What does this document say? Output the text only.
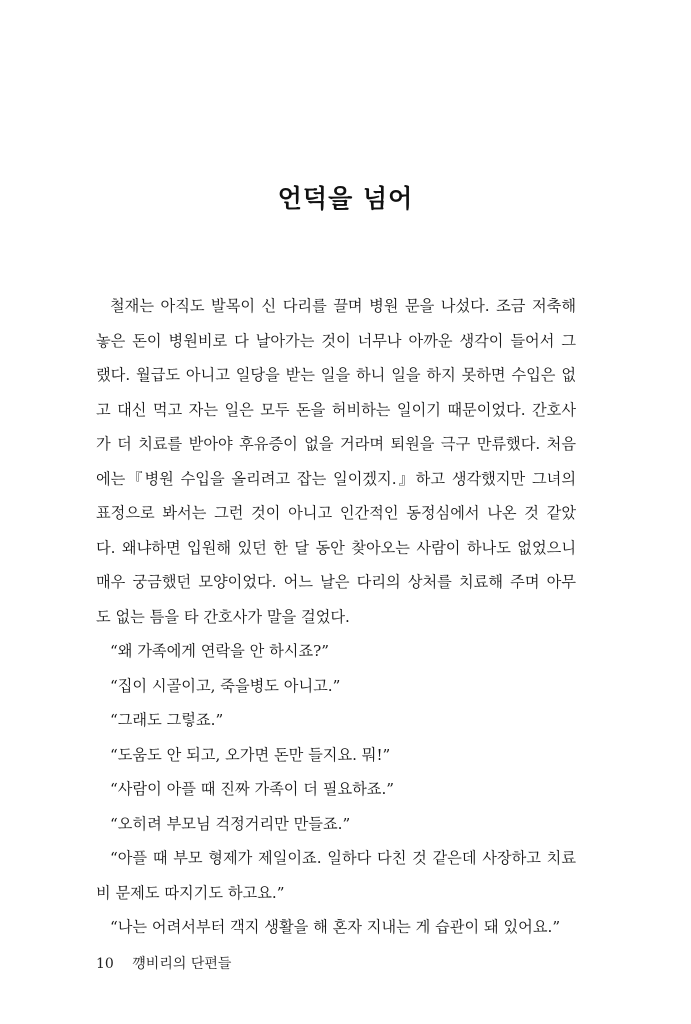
언덕을 넘어
철재는 아직도 발목이 신 다리를 끌며 병원 문을 나섰다. 조금 저축해
놓은 돈이 병원비로 다 날아가는 것이 너무나 아까운 생각이 들어서 그
랬다. 월급도 아니고 일당을 받는 일을 하니 일을 하지 못하면 수입은 없
고 대신 먹고 자는 일은 모두 돈을 허비하는 일이기 때문이었다. 간호사
가 더 치료를 받아야 후유증이 없을 거라며 퇴원을 극구 만류했다. 처음
에는『병원 수입을 올리려고 잡는 일이겠지.』하고 생각했지만 그녀의
표정으로 봐서는 그런 것이 아니고 인간적인 동정심에서 나온 것 같았
다. 왜냐하면 입원해 있던 한 달 동안 찾아오는 사람이 하나도 없었으니
매우 궁금했던 모양이었다. 어느 날은 다리의 상처를 치료해 주며 아무
도 없는 틈을 타 간호사가 말을 걸었다.
“왜 가족에게 연락을 안 하시죠?”
“집이 시골이고, 죽을병도 아니고.”
“그래도 그렇죠.”
“도움도 안 되고, 오가면 돈만 들지요. 뭐!”
“사람이 아플 때 진짜 가족이 더 필요하죠.”
“오히려 부모님 걱정거리만 만들죠.”
“아플 때 부모 형제가 제일이죠. 일하다 다친 것 같은데 사장하고 치료
비 문제도 따지기도 하고요.”
“나는 어려서부터 객지 생활을 해 혼자 지내는 게 습관이 돼 있어요.”
10 꺵비리의 단편들
